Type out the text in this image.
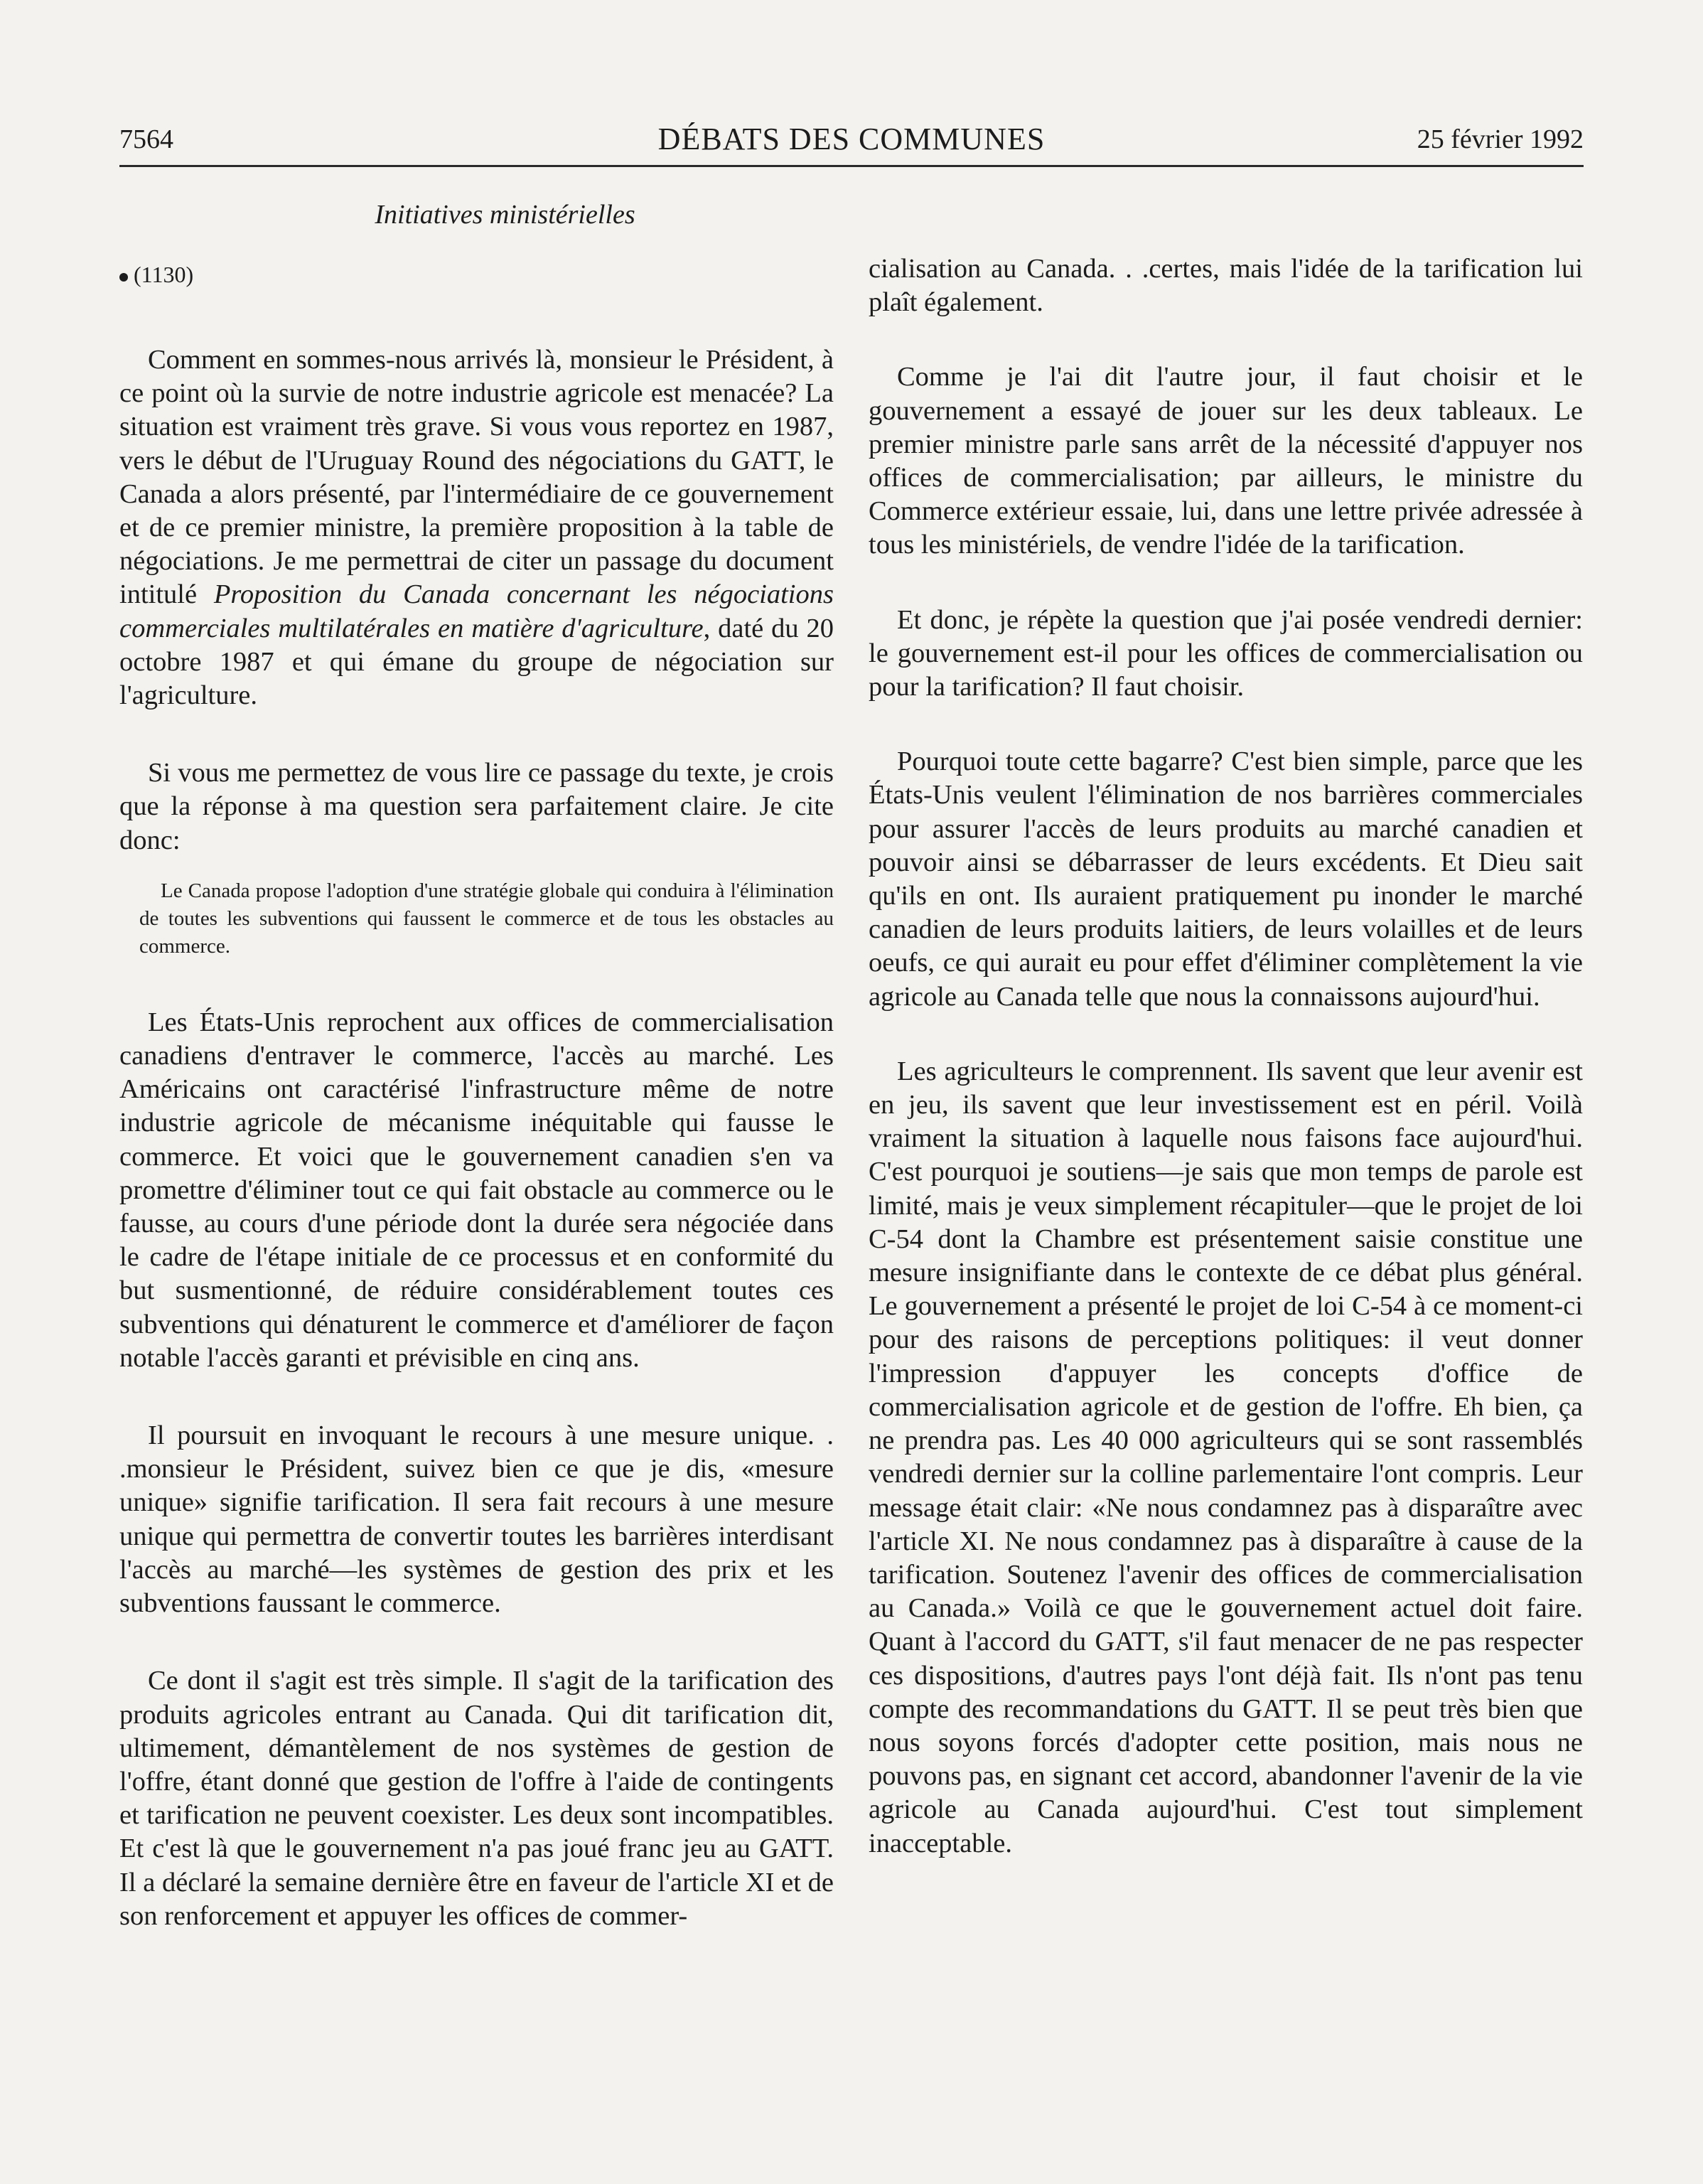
7564	DÉBATS DES COMMUNES	25 février 1992
Initiatives ministérielles
(1130)

Comment en sommes-nous arrivés là, monsieur le Président, à ce point où la survie de notre industrie agricole est menacée? La situation est vraiment très grave. Si vous vous reportez en 1987, vers le début de l'Uruguay Round des négociations du GATT, le Canada a alors présenté, par l'intermédiaire de ce gouvernement et de ce premier ministre, la première proposition à la table de négociations. Je me permettrai de citer un passage du document intitulé Proposition du Canada concernant les négociations commerciales multilatérales en matière d'agriculture, daté du 20 octobre 1987 et qui émane du groupe de négociation sur l'agriculture.

Si vous me permettez de vous lire ce passage du texte, je crois que la réponse à ma question sera parfaitement claire. Je cite donc:

Le Canada propose l'adoption d'une stratégie globale qui conduira à l'élimination de toutes les subventions qui faussent le commerce et de tous les obstacles au commerce.

Les États-Unis reprochent aux offices de commercialisation canadiens d'entraver le commerce, l'accès au marché. Les Américains ont caractérisé l'infrastructure même de notre industrie agricole de mécanisme inéquitable qui fausse le commerce. Et voici que le gouvernement canadien s'en va promettre d'éliminer tout ce qui fait obstacle au commerce ou le fausse, au cours d'une période dont la durée sera négociée dans le cadre de l'étape initiale de ce processus et en conformité du but susmentionné, de réduire considérablement toutes ces subventions qui dénaturent le commerce et d'améliorer de façon notable l'accès garanti et prévisible en cinq ans.

Il poursuit en invoquant le recours à une mesure unique. . .monsieur le Président, suivez bien ce que je dis, «mesure unique» signifie tarification. Il sera fait recours à une mesure unique qui permettra de convertir toutes les barrières interdisant l'accès au marché—les systèmes de gestion des prix et les subventions faussant le commerce.

Ce dont il s'agit est très simple. Il s'agit de la tarification des produits agricoles entrant au Canada. Qui dit tarification dit, ultimement, démantèlement de nos systèmes de gestion de l'offre, étant donné que gestion de l'offre à l'aide de contingents et tarification ne peuvent coexister. Les deux sont incompatibles. Et c'est là que le gouvernement n'a pas joué franc jeu au GATT. Il a déclaré la semaine dernière être en faveur de l'article XI et de son renforcement et appuyer les offices de commer-

cialisation au Canada. . .certes, mais l'idée de la tarification lui plaît également.

Comme je l'ai dit l'autre jour, il faut choisir et le gouvernement a essayé de jouer sur les deux tableaux. Le premier ministre parle sans arrêt de la nécessité d'appuyer nos offices de commercialisation; par ailleurs, le ministre du Commerce extérieur essaie, lui, dans une lettre privée adressée à tous les ministériels, de vendre l'idée de la tarification.

Et donc, je répète la question que j'ai posée vendredi dernier: le gouvernement est-il pour les offices de commercialisation ou pour la tarification? Il faut choisir.

Pourquoi toute cette bagarre? C'est bien simple, parce que les États-Unis veulent l'élimination de nos barrières commerciales pour assurer l'accès de leurs produits au marché canadien et pouvoir ainsi se débarrasser de leurs excédents. Et Dieu sait qu'ils en ont. Ils auraient pratiquement pu inonder le marché canadien de leurs produits laitiers, de leurs volailles et de leurs oeufs, ce qui aurait eu pour effet d'éliminer complètement la vie agricole au Canada telle que nous la connaissons aujourd'hui.

Les agriculteurs le comprennent. Ils savent que leur avenir est en jeu, ils savent que leur investissement est en péril. Voilà vraiment la situation à laquelle nous faisons face aujourd'hui. C'est pourquoi je soutiens—je sais que mon temps de parole est limité, mais je veux simplement récapituler—que le projet de loi C-54 dont la Chambre est présentement saisie constitue une mesure insignifiante dans le contexte de ce débat plus général. Le gouvernement a présenté le projet de loi C-54 à ce moment-ci pour des raisons de perceptions politiques: il veut donner l'impression d'appuyer les concepts d'office de commercialisation agricole et de gestion de l'offre. Eh bien, ça ne prendra pas. Les 40 000 agriculteurs qui se sont rassemblés vendredi dernier sur la colline parlementaire l'ont compris. Leur message était clair: «Ne nous condamnez pas à disparaître avec l'article XI. Ne nous condamnez pas à disparaître à cause de la tarification. Soutenez l'avenir des offices de commercialisation au Canada.» Voilà ce que le gouvernement actuel doit faire. Quant à l'accord du GATT, s'il faut menacer de ne pas respecter ces dispositions, d'autres pays l'ont déjà fait. Ils n'ont pas tenu compte des recommandations du GATT. Il se peut très bien que nous soyons forcés d'adopter cette position, mais nous ne pouvons pas, en signant cet accord, abandonner l'avenir de la vie agricole au Canada aujourd'hui. C'est tout simplement inacceptable.
